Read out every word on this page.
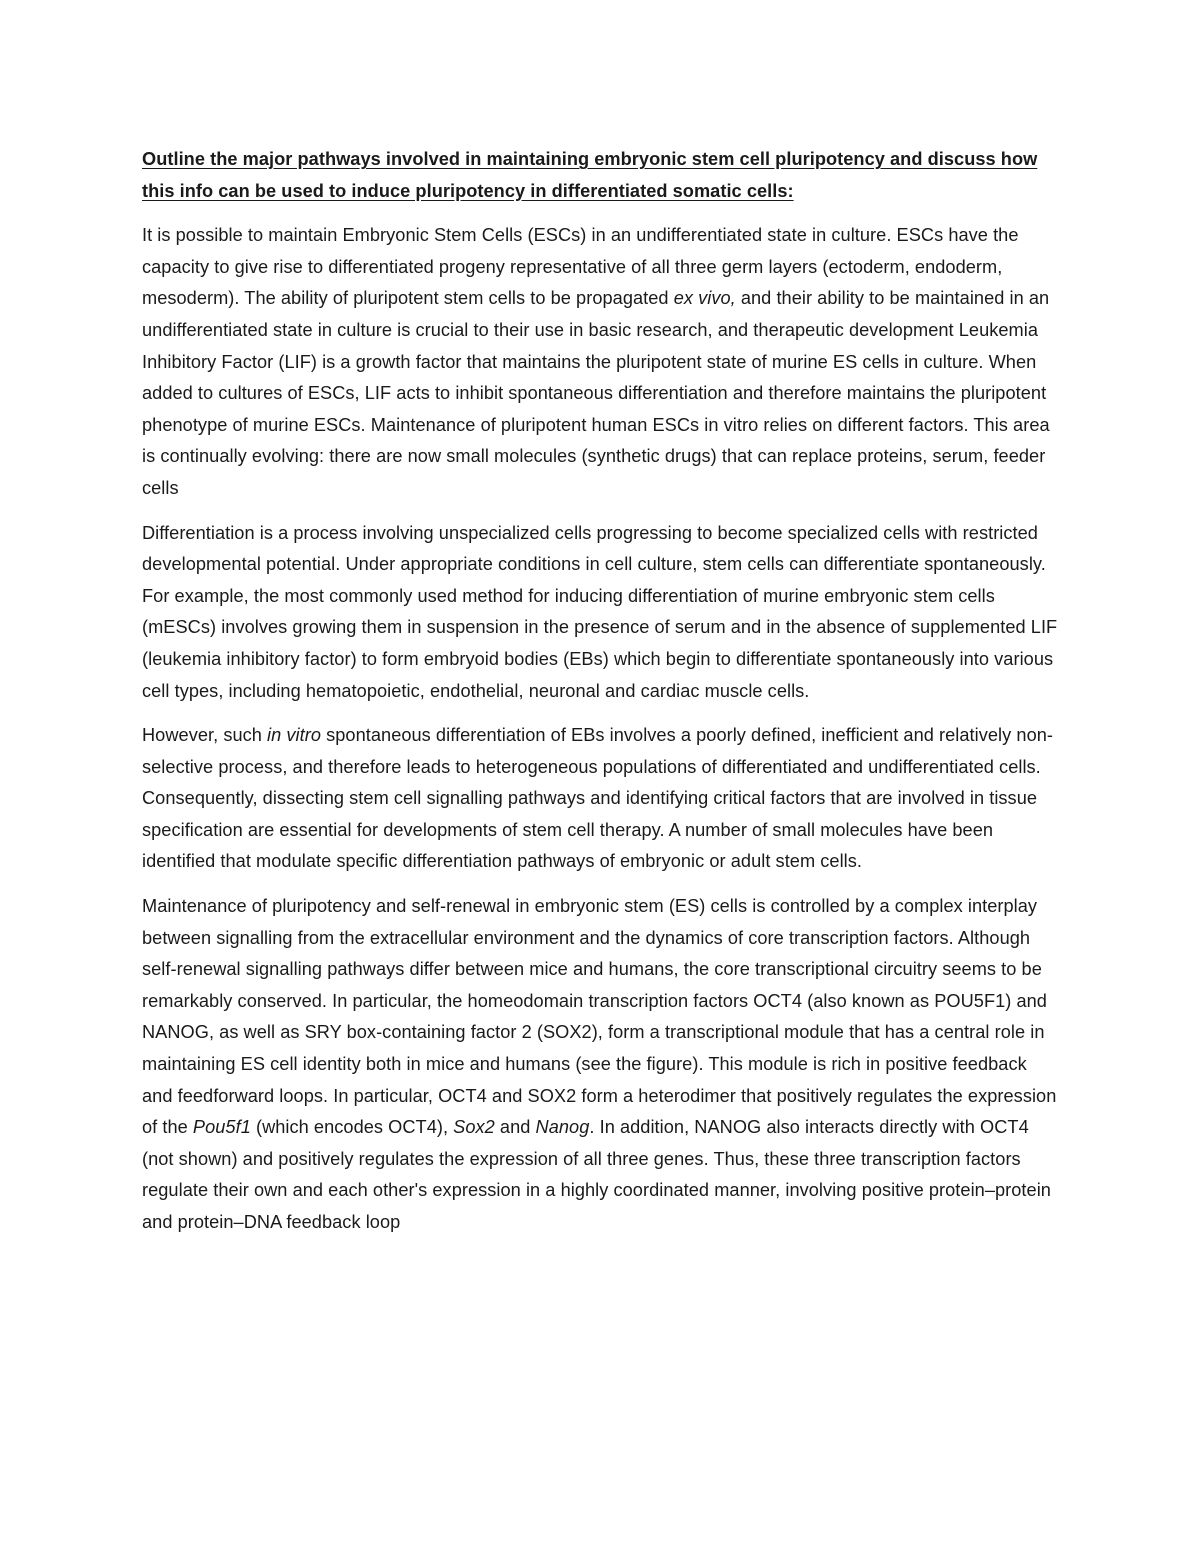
Outline the major pathways involved in maintaining embryonic stem cell pluripotency and discuss how this info can be used to induce pluripotency in differentiated somatic cells:

It is possible to maintain Embryonic Stem Cells (ESCs) in an undifferentiated state in culture. ESCs have the capacity to give rise to differentiated progeny representative of all three germ layers (ectoderm, endoderm, mesoderm). The ability of pluripotent stem cells to be propagated ex vivo, and their ability to be maintained in an undifferentiated state in culture is crucial to their use in basic research, and therapeutic development Leukemia Inhibitory Factor (LIF) is a growth factor that maintains the pluripotent state of murine ES cells in culture. When added to cultures of ESCs, LIF acts to inhibit spontaneous differentiation and therefore maintains the pluripotent phenotype of murine ESCs. Maintenance of pluripotent human ESCs in vitro relies on different factors. This area is continually evolving: there are now small molecules (synthetic drugs) that can replace proteins, serum, feeder cells

Differentiation is a process involving unspecialized cells progressing to become specialized cells with restricted developmental potential. Under appropriate conditions in cell culture, stem cells can differentiate spontaneously. For example, the most commonly used method for inducing differentiation of murine embryonic stem cells (mESCs) involves growing them in suspension in the presence of serum and in the absence of supplemented LIF (leukemia inhibitory factor) to form embryoid bodies (EBs) which begin to differentiate spontaneously into various cell types, including hematopoietic, endothelial, neuronal and cardiac muscle cells.

However, such in vitro spontaneous differentiation of EBs involves a poorly defined, inefficient and relatively non-selective process, and therefore leads to heterogeneous populations of differentiated and undifferentiated cells. Consequently, dissecting stem cell signalling pathways and identifying critical factors that are involved in tissue specification are essential for developments of stem cell therapy. A number of small molecules have been identified that modulate specific differentiation pathways of embryonic or adult stem cells.

Maintenance of pluripotency and self-renewal in embryonic stem (ES) cells is controlled by a complex interplay between signalling from the extracellular environment and the dynamics of core transcription factors. Although self-renewal signalling pathways differ between mice and humans, the core transcriptional circuitry seems to be remarkably conserved. In particular, the homeodomain transcription factors OCT4 (also known as POU5F1) and NANOG, as well as SRY box-containing factor 2 (SOX2), form a transcriptional module that has a central role in maintaining ES cell identity both in mice and humans (see the figure). This module is rich in positive feedback and feedforward loops. In particular, OCT4 and SOX2 form a heterodimer that positively regulates the expression of the Pou5f1 (which encodes OCT4), Sox2 and Nanog. In addition, NANOG also interacts directly with OCT4 (not shown) and positively regulates the expression of all three genes. Thus, these three transcription factors regulate their own and each other's expression in a highly coordinated manner, involving positive protein–protein and protein–DNA feedback loop
